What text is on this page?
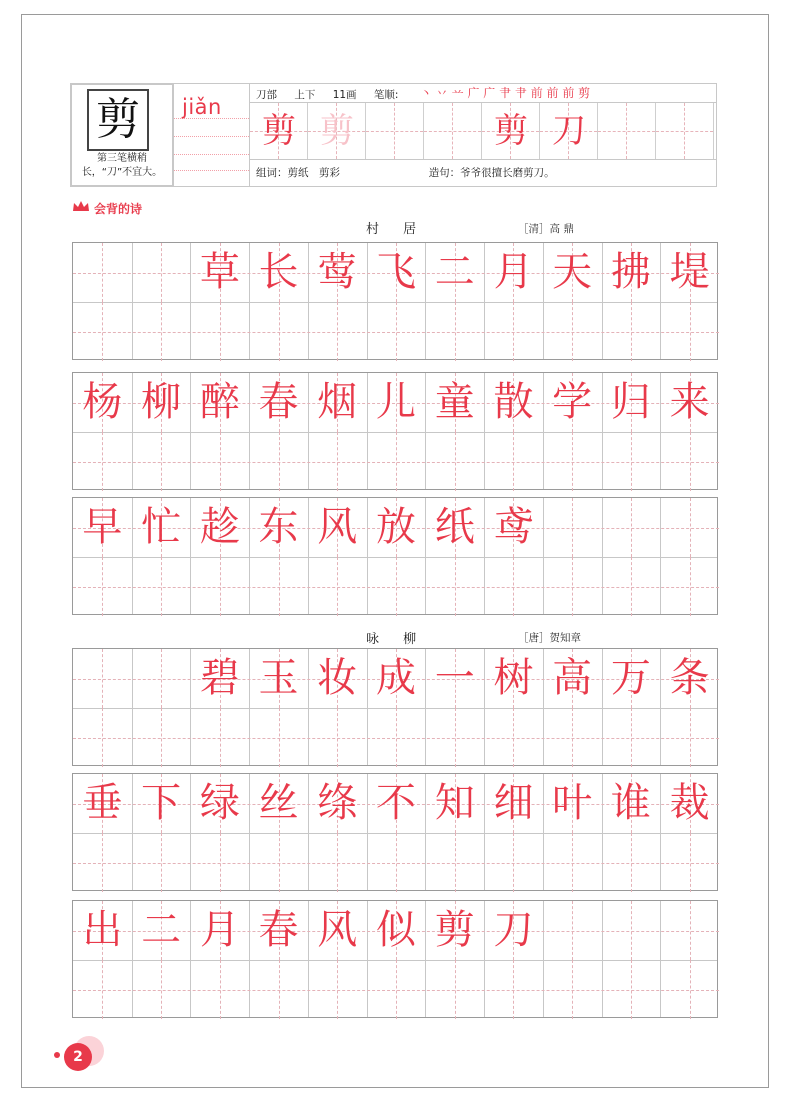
剪
第三笔横稍长，“刀”不宜大。
jiǎn	刀部 上下 11画 笔顺:	丶 丷 䒑 广 广 肀 肀 前 前 前 剪
剪 剪	剪 刀
组词：剪纸　剪彩	造句：爷爷很擅长磨剪刀。
会背的诗
村 居	［清］高 鼎
咏 柳	［唐］贺知章
草 长 莺 飞 二 月 天 拂 堤
杨 柳 醉 春 烟 儿 童 散 学 归 来
早 忙 趁 东 风 放 纸 鸢
碧 玉 妆 成 一 树 高 万 条
垂 下 绿 丝 绦 不 知 细 叶 谁 裁
出 二 月 春 风 似 剪 刀
2
